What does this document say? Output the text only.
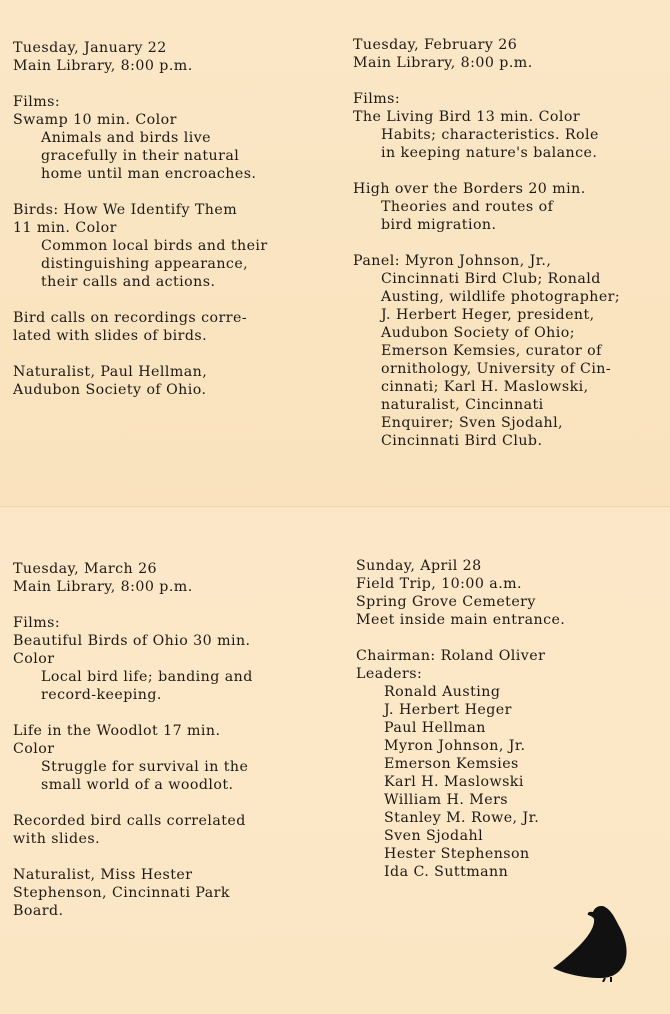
Tuesday, January 22
Main Library, 8:00 p.m.
Films:
Swamp 10 min. Color
Animals and birds live
gracefully in their natural
home until man encroaches.
Birds: How We Identify Them
11 min. Color
Common local birds and their
distinguishing appearance,
their calls and actions.
Bird calls on recordings corre-
lated with slides of birds.
Naturalist, Paul Hellman,
Audubon Society of Ohio.
Tuesday, February 26
Main Library, 8:00 p.m.
Films:
The Living Bird 13 min. Color
Habits; characteristics. Role
in keeping nature's balance.
High over the Borders 20 min.
Theories and routes of
bird migration.
Panel: Myron Johnson, Jr.,
Cincinnati Bird Club; Ronald
Austing, wildlife photographer;
J. Herbert Heger, president,
Audubon Society of Ohio;
Emerson Kemsies, curator of
ornithology, University of Cin-
cinnati; Karl H. Maslowski,
naturalist, Cincinnati
Enquirer; Sven Sjodahl,
Cincinnati Bird Club.
Tuesday, March 26
Main Library, 8:00 p.m.
Films:
Beautiful Birds of Ohio 30 min.
Color
Local bird life; banding and
record-keeping.
Life in the Woodlot 17 min.
Color
Struggle for survival in the
small world of a woodlot.
Recorded bird calls correlated
with slides.
Naturalist, Miss Hester
Stephenson, Cincinnati Park
Board.
Sunday, April 28
Field Trip, 10:00 a.m.
Spring Grove Cemetery
Meet inside main entrance.
Chairman: Roland Oliver
Leaders:
Ronald Austing
J. Herbert Heger
Paul Hellman
Myron Johnson, Jr.
Emerson Kemsies
Karl H. Maslowski
William H. Mers
Stanley M. Rowe, Jr.
Sven Sjodahl
Hester Stephenson
Ida C. Suttmann
